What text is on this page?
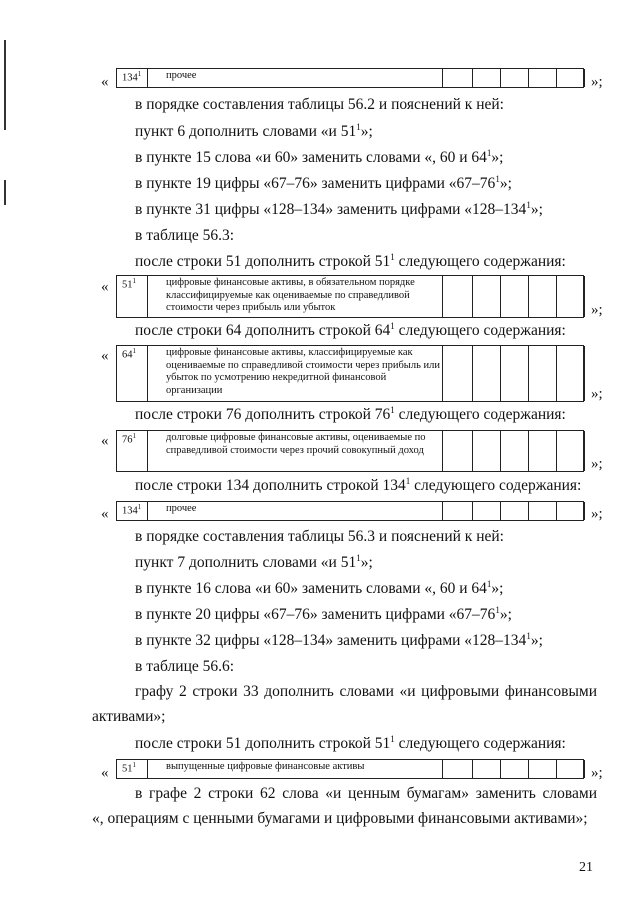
«	$134^1$	прочее	»;
в порядке составления таблицы 56.2 и пояснений к ней:
пункт 6 дополнить словами «и $51^1$»;
в пункте 15 слова «и 60» заменить словами «, 60 и $64^1$»;
в пункте 19 цифры «67–76» заменить цифрами «$67-76^1$»;
в пункте 31 цифры «128–134» заменить цифрами «$128-134^1$»;
в таблице 56.3:
после строки 51 дополнить строкой $51^1$ следующего содержания:
«	$51^1$	цифровые финансовые активы, в обязательном порядке классифицируемые как оцениваемые по справедливой стоимости через прибыль или убыток	»;
после строки 64 дополнить строкой $64^1$ следующего содержания:
«	$64^1$	цифровые финансовые активы, классифицируемые как оцениваемые по справедливой стоимости через прибыль или убыток по усмотрению некредитной финансовой организации	»;
после строки 76 дополнить строкой $76^1$ следующего содержания:
«	$76^1$	долговые цифровые финансовые активы, оцениваемые по справедливой стоимости через прочий совокупный доход
»;
после строки 134 дополнить строкой $134^1$ следующего содержания:
«	$134^1$	прочее	»;
в порядке составления таблицы 56.3 и пояснений к ней:
пункт 7 дополнить словами «и $51^1$»;
в пункте 16 слова «и 60» заменить словами «, 60 и $64^1$»;
в пункте 20 цифры «67–76» заменить цифрами «$67-76^1$»;
в пункте 32 цифры «128–134» заменить цифрами «$128-134^1$»;
в таблице 56.6:
графу 2 строки 33 дополнить словами «и цифровыми финансовыми
активами»;
после строки 51 дополнить строкой $51^1$ следующего содержания:
«	$51^1$	выпущенные цифровые финансовые активы	»;
в графе 2 строки 62 слова «и ценным бумагам» заменить словами
«, операциям с ценными бумагами и цифровыми финансовыми активами»;
21
